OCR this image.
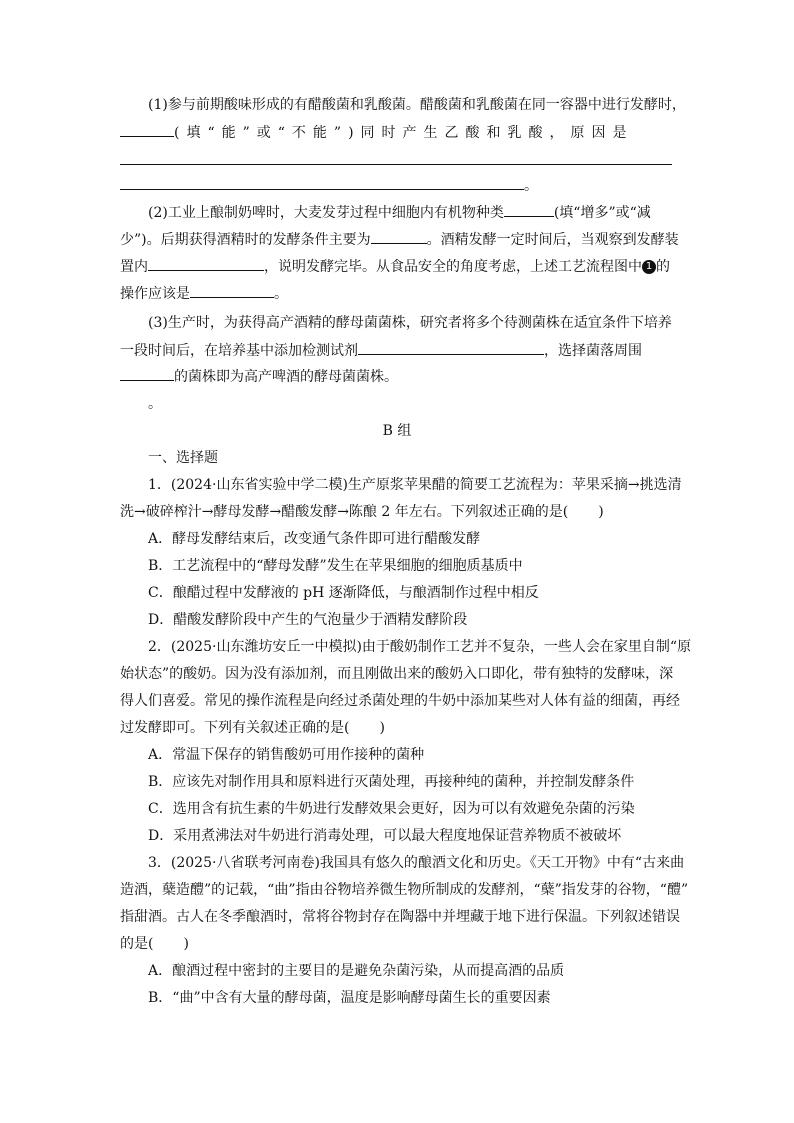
(1)参与前期酸味形成的有醋酸菌和乳酸菌。醋酸菌和乳酸菌在同一容器中进行发酵时，
(填“能”或“不能”)同时产生乙酸和乳酸，原因是
。
(2)工业上酿制奶啤时，大麦发芽过程中细胞内有机物种类	(填“增多”或“减
少”)。后期获得酒精时的发酵条件主要为	。酒精发酵一定时间后，当观察到发酵装
置内	，说明发酵完毕。从食品安全的角度考虑，上述工艺流程图中 1 的
操作应该是	。
(3)生产时，为获得高产酒精的酵母菌菌株，研究者将多个待测菌株在适宜条件下培养
一段时间后，在培养基中添加检测试剂	，选择菌落周围
的菌株即为高产啤酒的酵母菌菌株。
。
B 组
一、选择题
1．(2024·山东省实验中学二模)生产原浆苹果醋的简要工艺流程为：苹果采摘→挑选清
洗→破碎榨汁→酵母发酵→醋酸发酵→陈酿 2 年左右。下列叙述正确的是( )
A．酵母发酵结束后，改变通气条件即可进行醋酸发酵
B．工艺流程中的“酵母发酵”发生在苹果细胞的细胞质基质中
C．酿醋过程中发酵液的 pH 逐渐降低，与酿酒制作过程中相反
D．醋酸发酵阶段中产生的气泡量少于酒精发酵阶段
2．(2025·山东潍坊安丘一中模拟)由于酸奶制作工艺并不复杂，一些人会在家里自制“原
始状态”的酸奶。因为没有添加剂，而且刚做出来的酸奶入口即化，带有独特的发酵味，深
得人们喜爱。常见的操作流程是向经过杀菌处理的牛奶中添加某些对人体有益的细菌，再经
过发酵即可。下列有关叙述正确的是( )
A．常温下保存的销售酸奶可用作接种的菌种
B．应该先对制作用具和原料进行灭菌处理，再接种纯的菌种，并控制发酵条件
C．选用含有抗生素的牛奶进行发酵效果会更好，因为可以有效避免杂菌的污染
D．采用煮沸法对牛奶进行消毒处理，可以最大程度地保证营养物质不被破坏
3．(2025·八省联考河南卷)我国具有悠久的酿酒文化和历史。《天工开物》中有“古来曲
造酒，蘖造醴”的记载，“曲”指由谷物培养微生物所制成的发酵剂，“蘖”指发芽的谷物，“醴”
指甜酒。古人在冬季酿酒时，常将谷物封存在陶器中并埋藏于地下进行保温。下列叙述错误
的是( )
A．酿酒过程中密封的主要目的是避免杂菌污染，从而提高酒的品质
B．“曲”中含有大量的酵母菌，温度是影响酵母菌生长的重要因素
